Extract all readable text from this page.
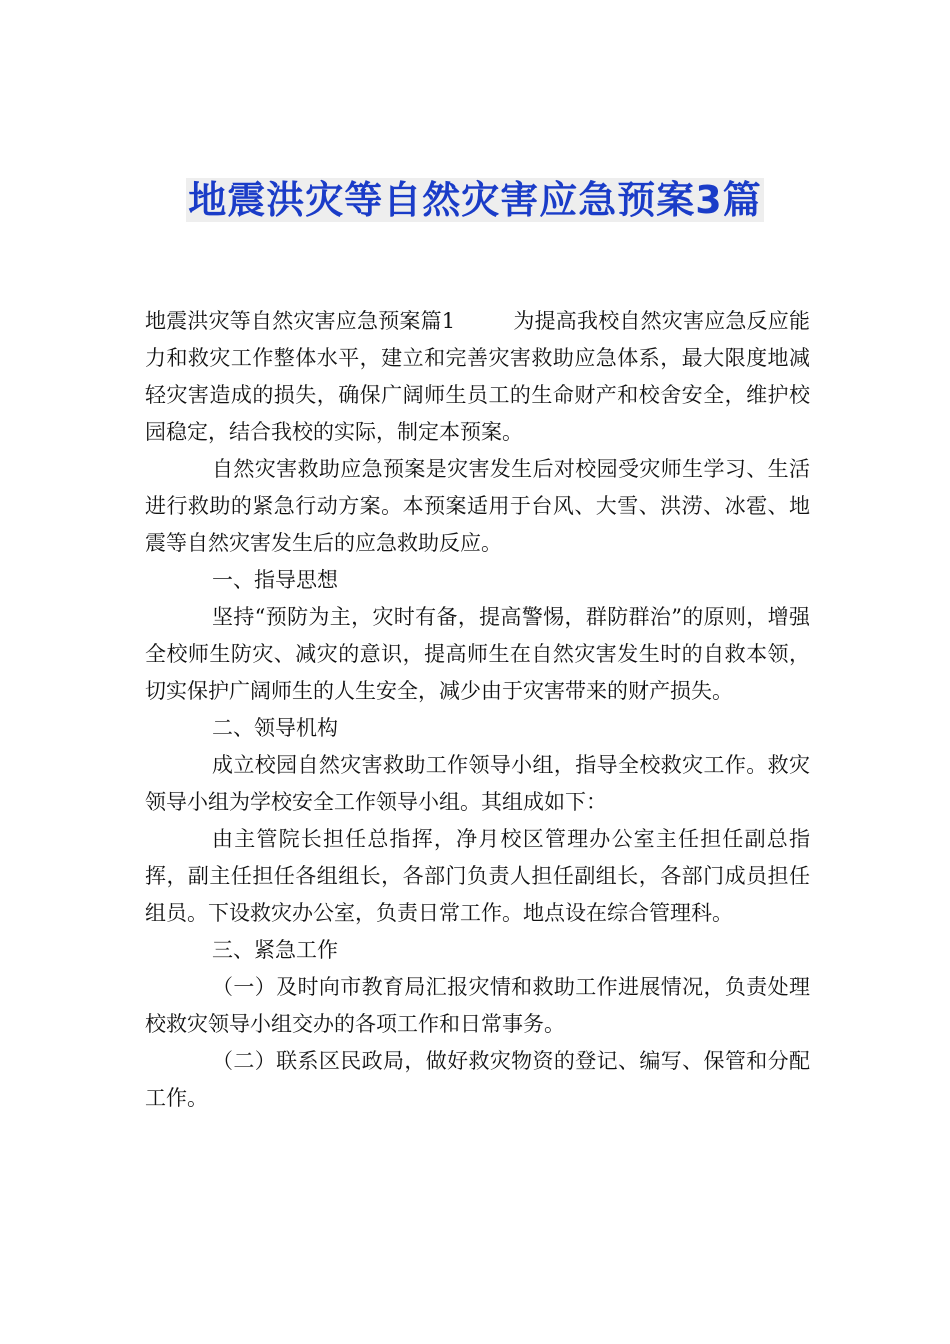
地震洪灾等自然灾害应急预案3篇

地震洪灾等自然灾害应急预案篇1	为提高我校自然灾害应急反应能力和救灾工作整体水平，建立和完善灾害救助应急体系，最大限度地减轻灾害造成的损失，确保广阔师生员工的生命财产和校舍安全，维护校园稳定，结合我校的实际，制定本预案。

自然灾害救助应急预案是灾害发生后对校园受灾师生学习、生活进行救助的紧急行动方案。本预案适用于台风、大雪、洪涝、冰雹、地震等自然灾害发生后的应急救助反应。

一、指导思想

坚持“预防为主，灾时有备，提高警惕，群防群治”的原则，增强全校师生防灾、减灾的意识，提高师生在自然灾害发生时的自救本领，切实保护广阔师生的人生安全，减少由于灾害带来的财产损失。

二、领导机构

成立校园自然灾害救助工作领导小组，指导全校救灾工作。救灾领导小组为学校安全工作领导小组。其组成如下：

由主管院长担任总指挥，净月校区管理办公室主任担任副总指挥，副主任担任各组组长，各部门负责人担任副组长，各部门成员担任组员。下设救灾办公室，负责日常工作。地点设在综合管理科。

三、紧急工作

（一）及时向市教育局汇报灾情和救助工作进展情况，负责处理校救灾领导小组交办的各项工作和日常事务。

（二）联系区民政局，做好救灾物资的登记、编写、保管和分配工作。
